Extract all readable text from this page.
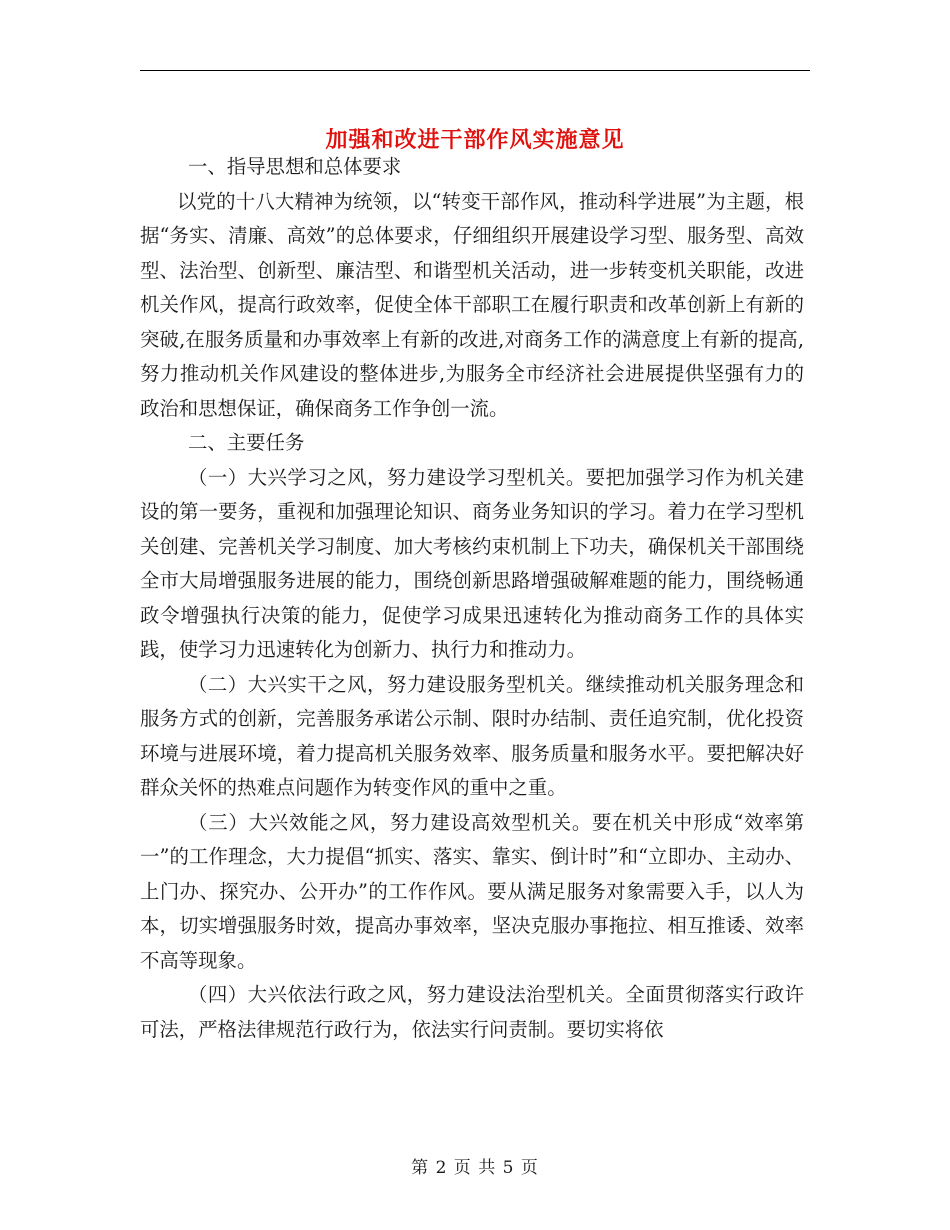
加强和改进干部作风实施意见

一、指导思想和总体要求

以党的十八大精神为统领，以“转变干部作风，推动科学进展”为主题，根据“务实、清廉、高效”的总体要求，仔细组织开展建设学习型、服务型、高效型、法治型、创新型、廉洁型、和谐型机关活动，进一步转变机关职能，改进机关作风，提高行政效率，促使全体干部职工在履行职责和改革创新上有新的突破,在服务质量和办事效率上有新的改进,对商务工作的满意度上有新的提高,努力推动机关作风建设的整体进步,为服务全市经济社会进展提供坚强有力的政治和思想保证，确保商务工作争创一流。

二、主要任务

（一）大兴学习之风，努力建设学习型机关。要把加强学习作为机关建设的第一要务，重视和加强理论知识、商务业务知识的学习。着力在学习型机关创建、完善机关学习制度、加大考核约束机制上下功夫，确保机关干部围绕全市大局增强服务进展的能力，围绕创新思路增强破解难题的能力，围绕畅通政令增强执行决策的能力，促使学习成果迅速转化为推动商务工作的具体实践，使学习力迅速转化为创新力、执行力和推动力。

（二）大兴实干之风，努力建设服务型机关。继续推动机关服务理念和服务方式的创新，完善服务承诺公示制、限时办结制、责任追究制，优化投资环境与进展环境，着力提高机关服务效率、服务质量和服务水平。要把解决好群众关怀的热难点问题作为转变作风的重中之重。

（三）大兴效能之风，努力建设高效型机关。要在机关中形成“效率第一”的工作理念，大力提倡“抓实、落实、靠实、倒计时”和“立即办、主动办、上门办、探究办、公开办”的工作作风。要从满足服务对象需要入手，以人为本，切实增强服务时效，提高办事效率，坚决克服办事拖拉、相互推诿、效率不高等现象。

（四）大兴依法行政之风，努力建设法治型机关。全面贯彻落实行政许可法，严格法律规范行政行为，依法实行问责制。要切实将依

第 2 页 共 5 页
